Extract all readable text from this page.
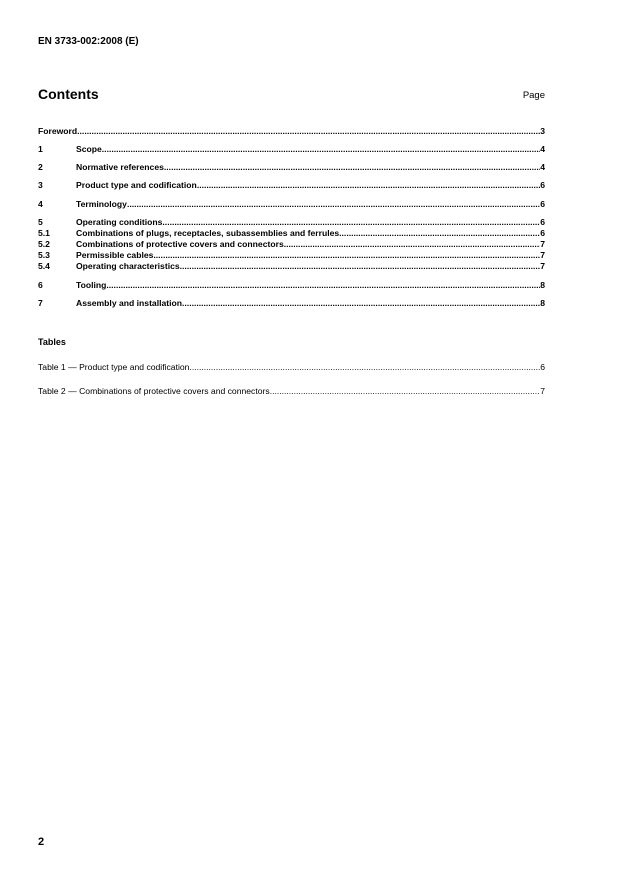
EN 3733-002:2008 (E)
Contents	Page
Foreword .....	3
1	Scope .....	4
2	Normative references .....	4
3	Product type and codification .....	6
4	Terminology .....	6
5	Operating conditions .....	6
5.1	Combinations of plugs, receptacles, subassemblies and ferrules .....	6
5.2	Combinations of protective covers and connectors .....	7
5.3	Permissible cables .....	7
5.4	Operating characteristics .....	7
6	Tooling .....	8
7	Assembly and installation .....	8
Tables
Table 1 — Product type and codification .....	6
Table 2 — Combinations of protective covers and connectors .....	7
2
